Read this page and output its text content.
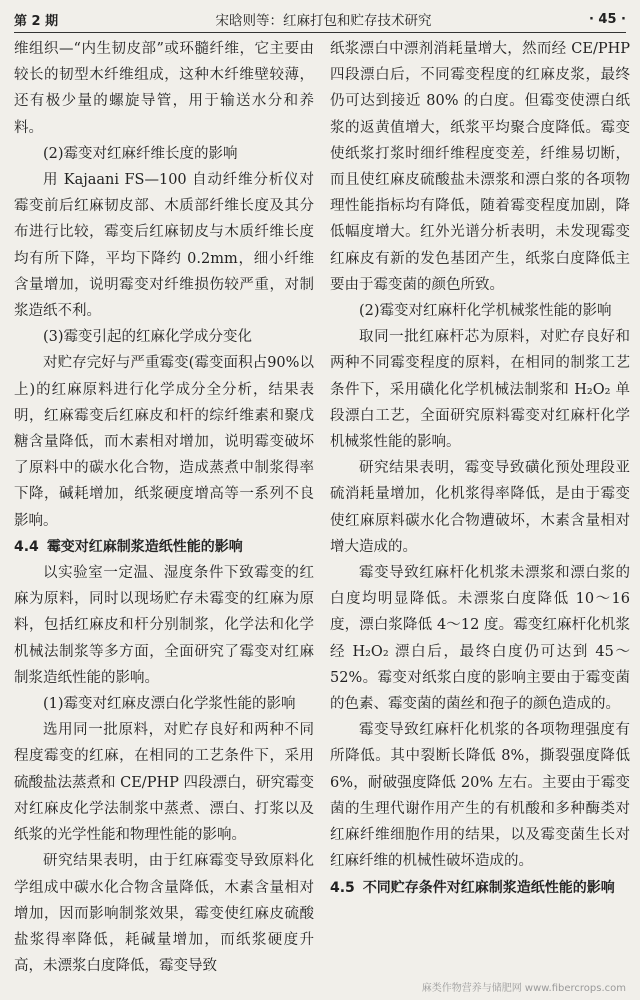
第 2 期	宋晗则等：红麻打包和贮存技术研究	· 45 ·

维组织—“内生韧皮部”或环髓纤维，它主要由较长的韧型木纤维组成，这种木纤维壁较薄，还有极少量的螺旋导管，用于输送水分和养料。

(2)霉变对红麻纤维长度的影响

用 Kajaani FS—100 自动纤维分析仪对霉变前后红麻韧皮部、木质部纤维长度及其分布进行比较，霉变后红麻韧皮与木质纤维长度均有所下降，平均下降约 0.2mm，细小纤维含量增加，说明霉变对纤维损伤较严重，对制浆造纸不利。

(3)霉变引起的红麻化学成分变化

对贮存完好与严重霉变(霉变面积占90%以上)的红麻原料进行化学成分全分析，结果表明，红麻霉变后红麻皮和杆的综纤维素和聚戊糖含量降低，而木素相对增加，说明霉变破坏了原料中的碳水化合物，造成蒸煮中制浆得率下降，碱耗增加，纸浆硬度增高等一系列不良影响。

4.4 霉变对红麻制浆造纸性能的影响

以实验室一定温、湿度条件下致霉变的红麻为原料，同时以现场贮存未霉变的红麻为原料，包括红麻皮和杆分别制浆，化学法和化学机械法制浆等多方面，全面研究了霉变对红麻制浆造纸性能的影响。

(1)霉变对红麻皮漂白化学浆性能的影响

选用同一批原料，对贮存良好和两种不同程度霉变的红麻，在相同的工艺条件下，采用硫酸盐法蒸煮和 CE/PHP 四段漂白，研究霉变对红麻皮化学法制浆中蒸煮、漂白、打浆以及纸浆的光学性能和物理性能的影响。

研究结果表明，由于红麻霉变导致原料化学组成中碳水化合物含量降低，木素含量相对增加，因而影响制浆效果，霉变使红麻皮硫酸盐浆得率降低，耗碱量增加，而纸浆硬度升高，未漂浆白度降低，霉变导致

纸浆漂白中漂剂消耗量增大，然而经 CE/PHP 四段漂白后，不同霉变程度的红麻皮浆，最终仍可达到接近 80% 的白度。但霉变使漂白纸浆的返黄值增大，纸浆平均聚合度降低。霉变使纸浆打浆时细纤维程度变差，纤维易切断，而且使红麻皮硫酸盐未漂浆和漂白浆的各项物理性能指标均有降低，随着霉变程度加剧，降低幅度增大。红外光谱分析表明，未发现霉变红麻皮有新的发色基团产生，纸浆白度降低主要由于霉变菌的颜色所致。

(2)霉变对红麻杆化学机械浆性能的影响

取同一批红麻杆芯为原料，对贮存良好和两种不同霉变程度的原料，在相同的制浆工艺条件下，采用磺化化学机械法制浆和 H₂O₂ 单段漂白工艺，全面研究原料霉变对红麻杆化学机械浆性能的影响。

研究结果表明，霉变导致磺化预处理段亚硫消耗量增加，化机浆得率降低，是由于霉变使红麻原料碳水化合物遭破坏，木素含量相对增大造成的。

霉变导致红麻杆化机浆未漂浆和漂白浆的白度均明显降低。未漂浆白度降低 10～16 度，漂白浆降低 4～12 度。霉变红麻杆化机浆经 H₂O₂ 漂白后，最终白度仍可达到 45～52%。霉变对纸浆白度的影响主要由于霉变菌的色素、霉变菌的菌丝和孢子的颜色造成的。

霉变导致红麻杆化机浆的各项物理强度有所降低。其中裂断长降低 8%，撕裂强度降低 6%，耐破强度降低 20% 左右。主要由于霉变菌的生理代谢作用产生的有机酸和多种酶类对红麻纤维细胞作用的结果，以及霉变菌生长对红麻纤维的机械性破坏造成的。

4.5 不同贮存条件对红麻制浆造纸性能的影响

麻类作物营养与储肥网 www.fibercrops.com
